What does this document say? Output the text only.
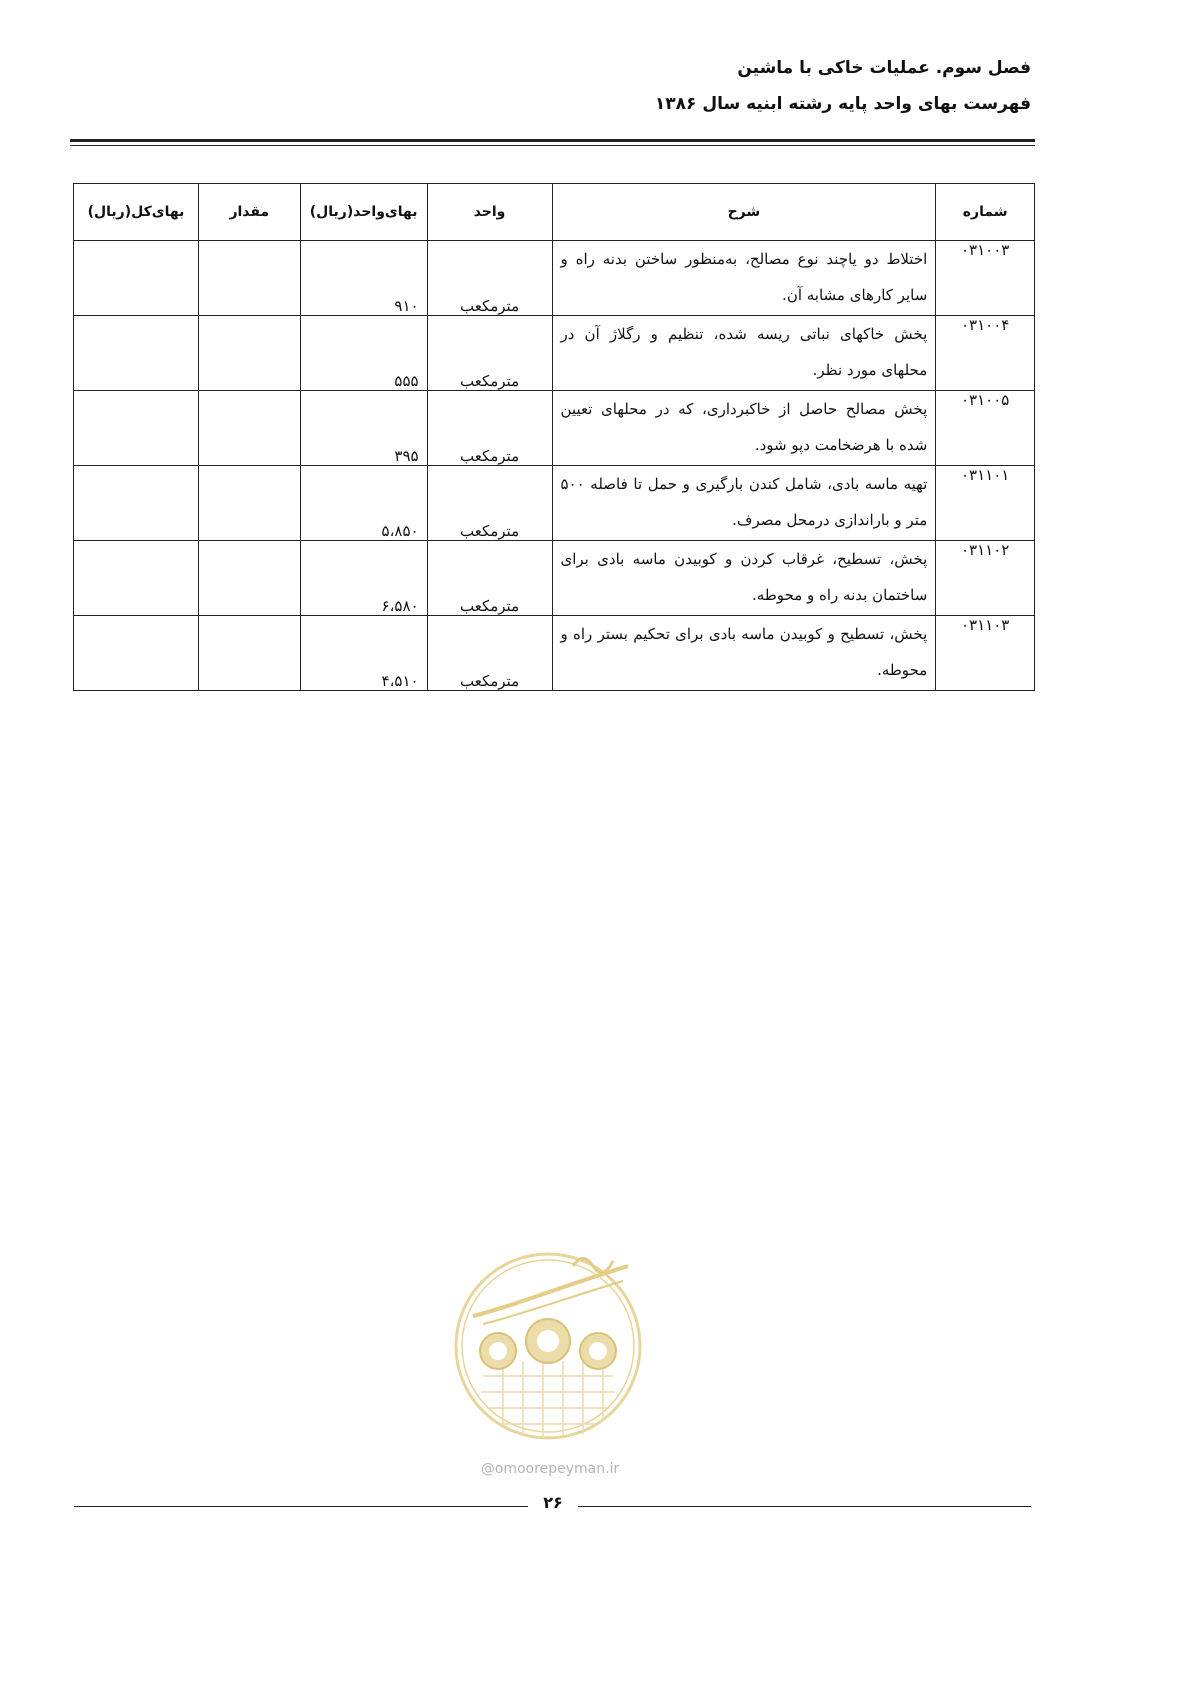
فصل سوم. عملیات خاکی با ماشین
فهرست بهای واحد پایه رشته ابنیه سال ۱۳۸۶
شماره	شرح	واحد	بهای‌واحد(ریال)	مقدار	بهای‌کل(ریال)
۰۳۱۰۰۳	اختلاط دو یاچند نوع مصالح، به‌منظور ساختن بدنه راه و سایر کارهای مشابه آن.	مترمکعب	۹۱۰		
۰۳۱۰۰۴	پخش خاکهای نباتی ریسه شده، تنظیم و رگلاژ آن در محلهای مورد نظر.	مترمکعب	۵۵۵		
۰۳۱۰۰۵	پخش مصالح حاصل از خاکبرداری، که در محلهای تعیین شده با هرضخامت دپو شود.	مترمکعب	۳۹۵		
۰۳۱۱۰۱	تهیه ماسه بادی، شامل کندن بارگیری و حمل تا فاصله ۵۰۰ متر و باراندازی درمحل مصرف.	مترمکعب	۵،۸۵۰		
۰۳۱۱۰۲	پخش، تسطیح، غرقاب کردن و کوبیدن ماسه بادی برای ساختمان بدنه راه و محوطه.	مترمکعب	۶،۵۸۰		
۰۳۱۱۰۳	پخش، تسطیح و کوبیدن ماسه بادی برای تحکیم بستر راه و محوطه.	مترمکعب	۴،۵۱۰		
@omoorepeyman.ir
۲۶
